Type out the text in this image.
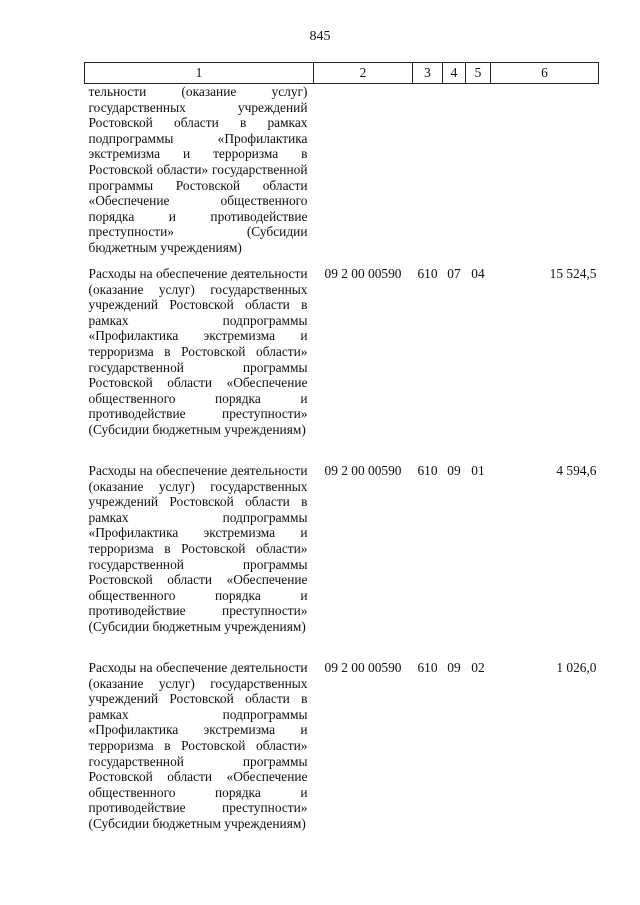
845
1	2	3	4	5	6
тельности (оказание услуг) государственных учреждений Ростовской области в рамках подпрограммы «Профилактика экстремизма и терроризма в Ростовской области» государственной программы Ростовской области «Обеспечение общественного порядка и противодействие преступности» (Субсидии бюджетным учреждениям)					
Расходы на обеспечение деятельности (оказание услуг) государственных учреждений Ростовской области в рамках подпрограммы «Профилактика экстремизма и терроризма в Ростовской области» государственной программы Ростовской области «Обеспечение общественного порядка и противодействие преступности» (Субсидии бюджетным учреждениям)	09 2 00 00590	610	07	04	15 524,5
Расходы на обеспечение деятельности (оказание услуг) государственных учреждений Ростовской области в рамках подпрограммы «Профилактика экстремизма и терроризма в Ростовской области» государственной программы Ростовской области «Обеспечение общественного порядка и противодействие преступности» (Субсидии бюджетным учреждениям)	09 2 00 00590	610	09	01	4 594,6
Расходы на обеспечение деятельности (оказание услуг) государственных учреждений Ростовской области в рамках подпрограммы «Профилактика экстремизма и терроризма в Ростовской области» государственной программы Ростовской области «Обеспечение общественного порядка и противодействие преступности» (Субсидии бюджетным учреждениям)	09 2 00 00590	610	09	02	1 026,0
